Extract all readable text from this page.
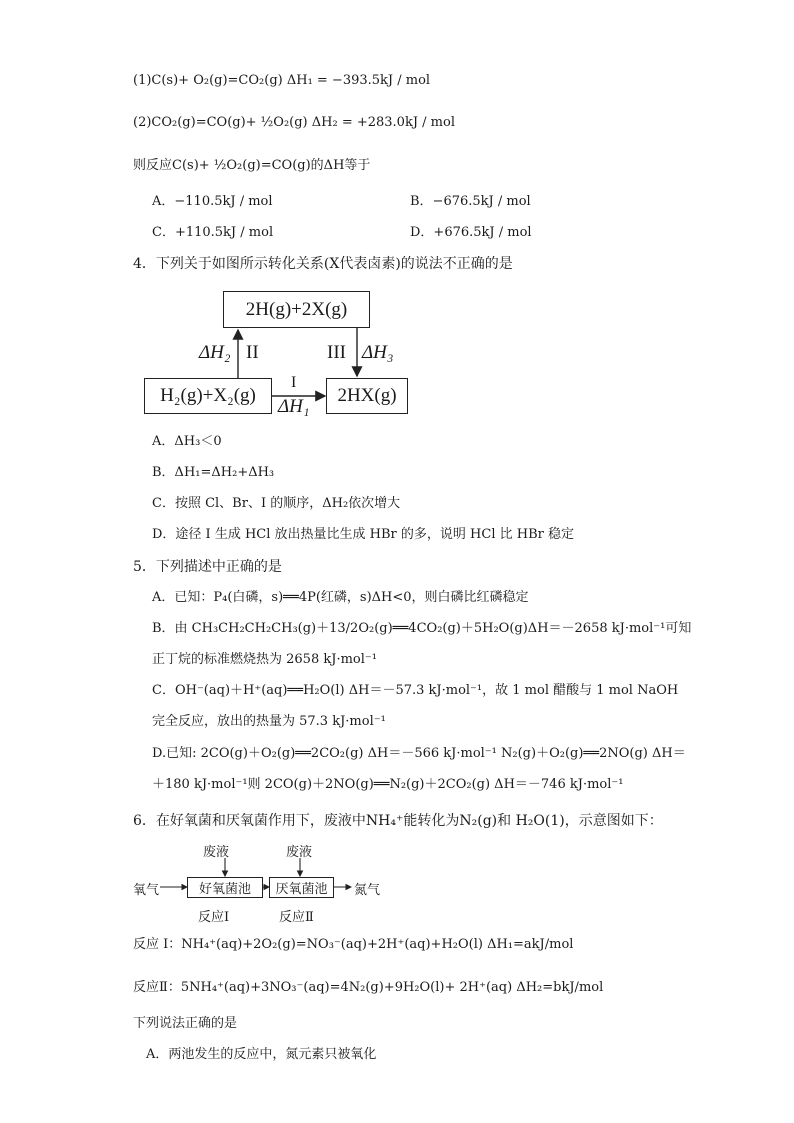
(1)C(s)+ O₂(g)=CO₂(g) ΔH₁ = −393.5kJ / mol
(2)CO₂(g)=CO(g)+ ½O₂(g) ΔH₂ = +283.0kJ / mol
则反应C(s)+ ½O₂(g)=CO(g)的ΔH等于
A．−110.5kJ / mol	B．−676.5kJ / mol
C．+110.5kJ / mol	D．+676.5kJ / mol
4．下列关于如图所示转化关系(X代表卤素)的说法不正确的是
2H(g)+2X(g)
H₂(g)+X₂(g)	2HX(g)
ΔH₂ II	III ΔH₃
I
ΔH₁
A．ΔH₃＜0
B．ΔH₁=ΔH₂+ΔH₃
C．按照 Cl、Br、I 的顺序，ΔH₂依次增大
D．途径 I 生成 HCl 放出热量比生成 HBr 的多，说明 HCl 比 HBr 稳定
5．下列描述中正确的是
A．已知：P₄(白磷，s)══4P(红磷，s)ΔH<0，则白磷比红磷稳定
B．由 CH₃CH₂CH₂CH₃(g)＋13/2O₂(g)══4CO₂(g)＋5H₂O(g)ΔH＝－2658 kJ·mol⁻¹可知
正丁烷的标准燃烧热为 2658 kJ·mol⁻¹
C．OH⁻(aq)＋H⁺(aq)══H₂O(l) ΔH＝－57.3 kJ·mol⁻¹，故 1 mol 醋酸与 1 mol NaOH
完全反应，放出的热量为 57.3 kJ·mol⁻¹
D.已知: 2CO(g)＋O₂(g)══2CO₂(g) ΔH＝－566 kJ·mol⁻¹ N₂(g)＋O₂(g)══2NO(g) ΔH＝
＋180 kJ·mol⁻¹则 2CO(g)＋2NO(g)══N₂(g)＋2CO₂(g) ΔH＝－746 kJ·mol⁻¹
6．在好氧菌和厌氧菌作用下，废液中NH₄⁺能转化为N₂(g)和 H₂O(1)，示意图如下：
废液	废液
氧气	好氧菌池	厌氧菌池	氮气
反应Ⅰ	反应Ⅱ
反应 I：NH₄⁺(aq)+2O₂(g)=NO₃⁻(aq)+2H⁺(aq)+H₂O(l) ΔH₁=akJ/mol
反应Ⅱ：5NH₄⁺(aq)+3NO₃⁻(aq)=4N₂(g)+9H₂O(l)+ 2H⁺(aq) ΔH₂=bkJ/mol
下列说法正确的是
A．两池发生的反应中，氮元素只被氧化
